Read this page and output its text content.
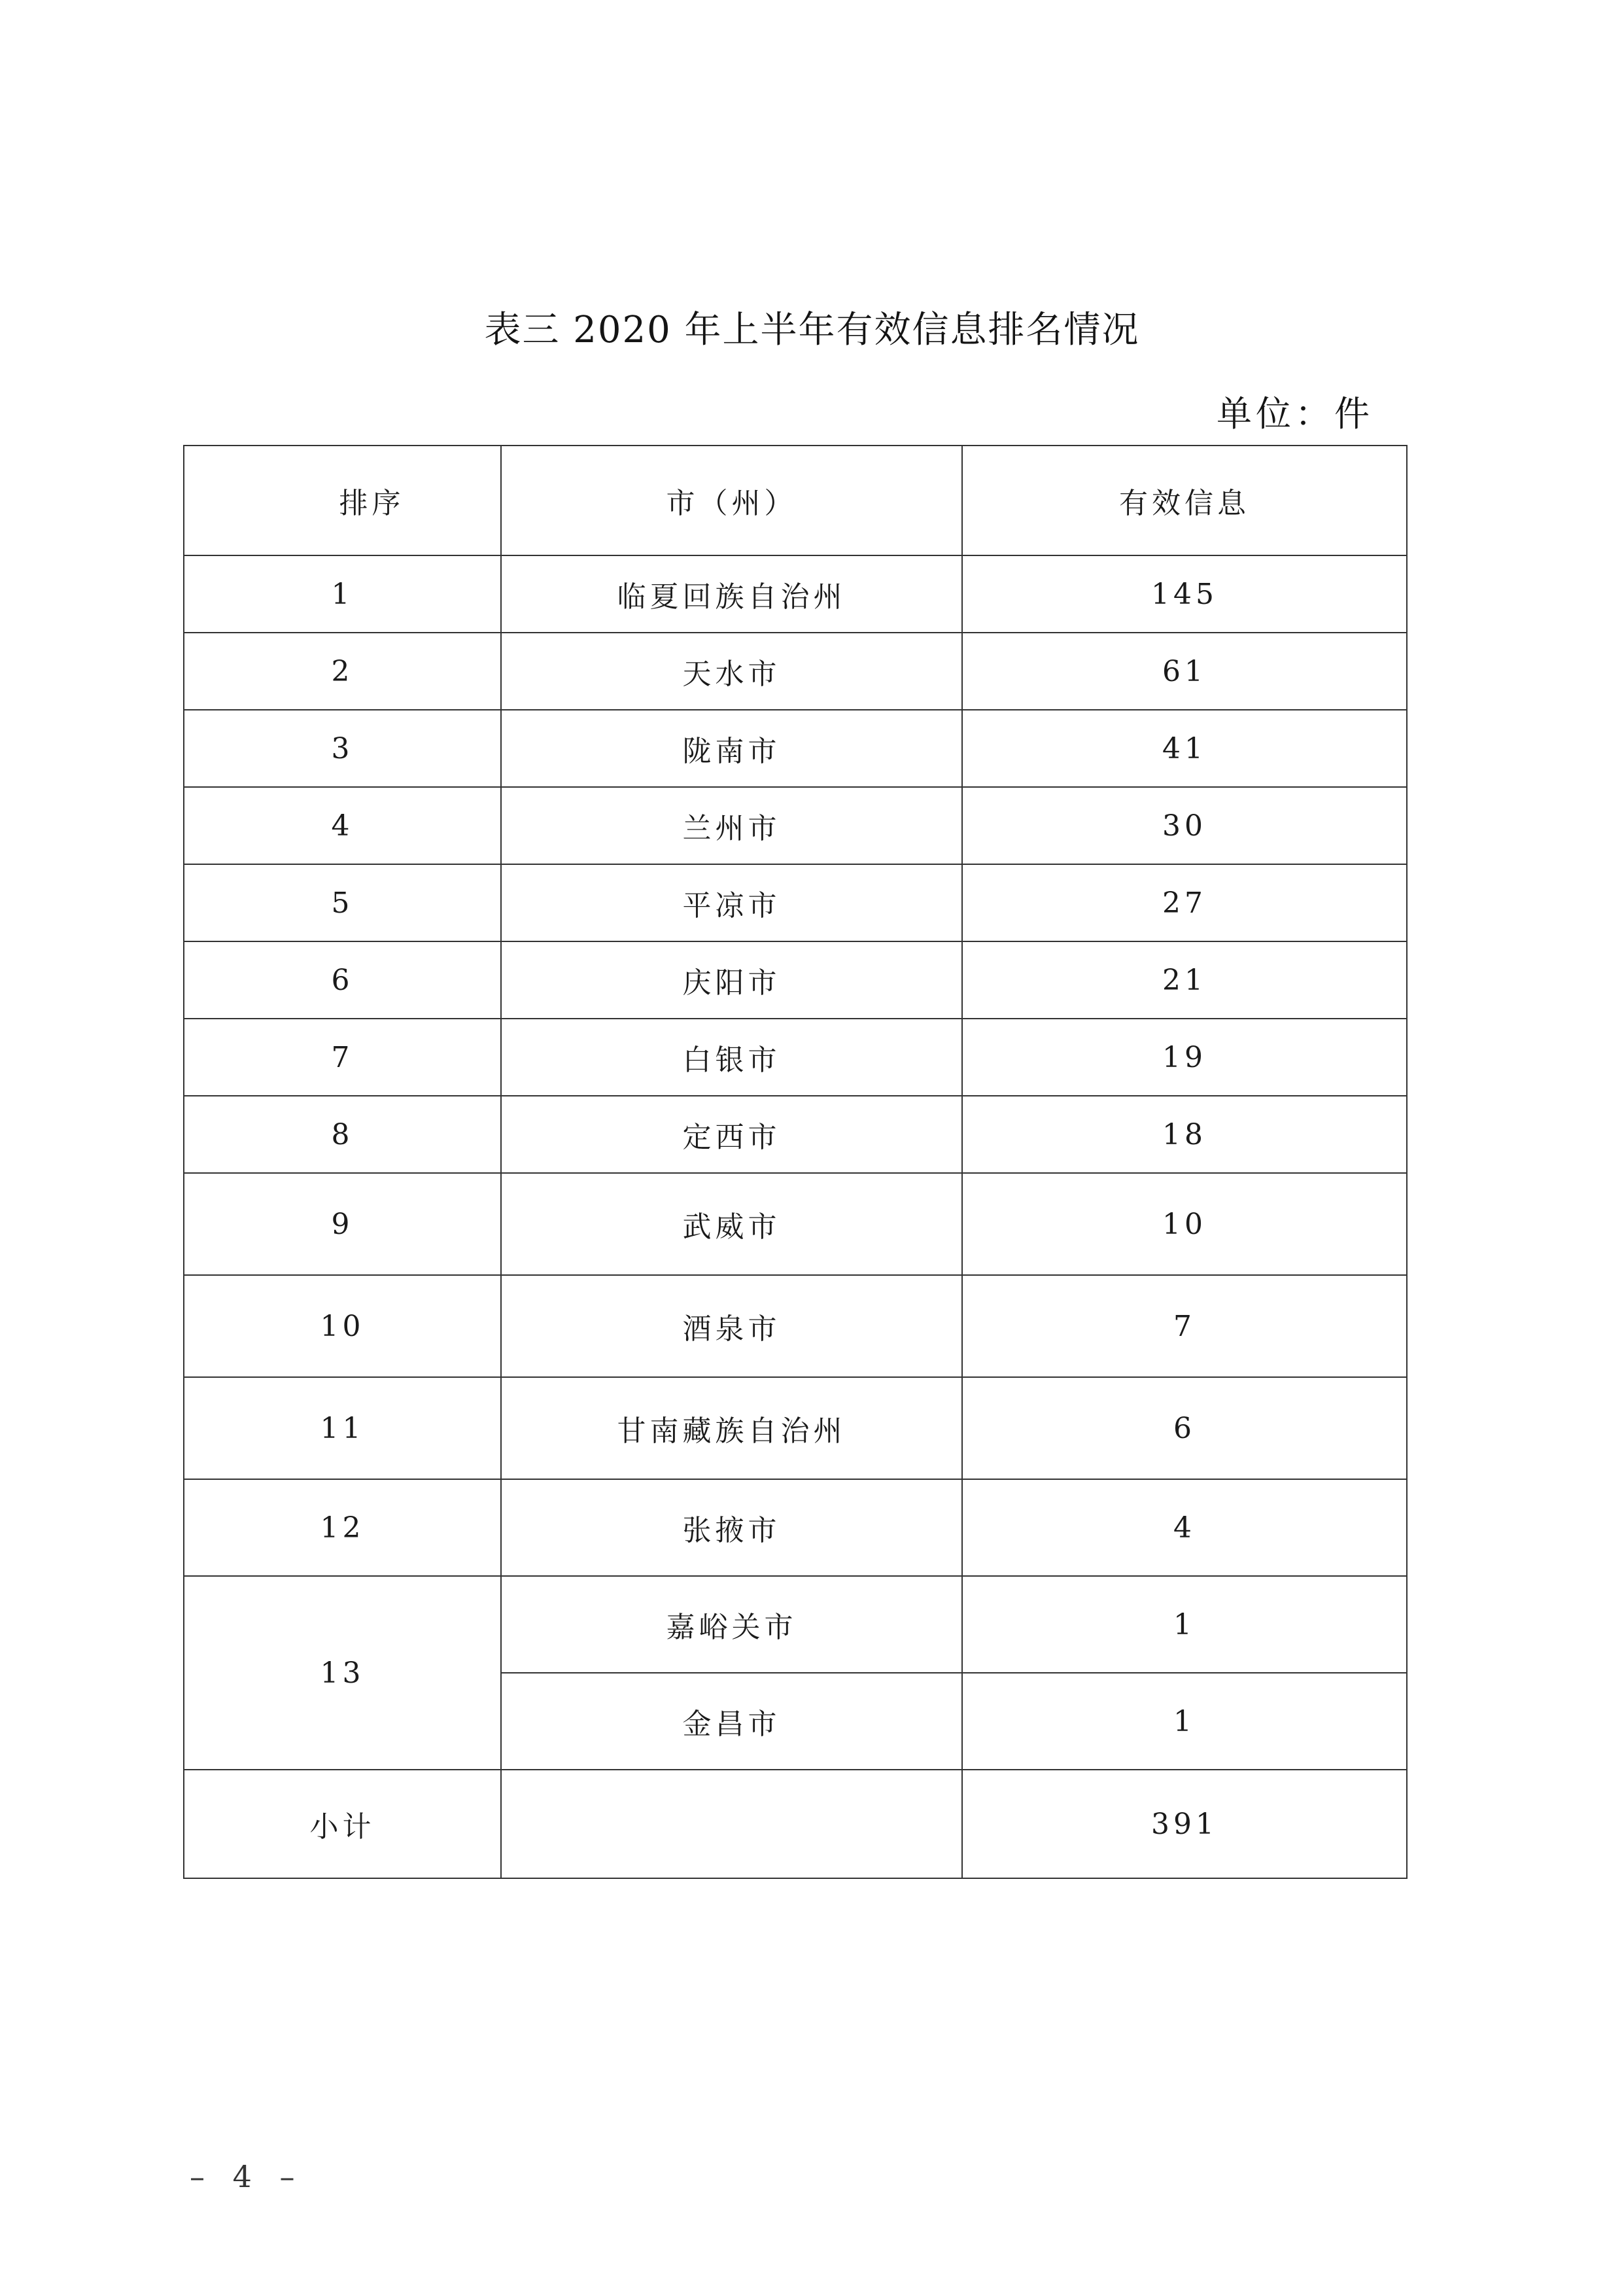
表三 2020 年上半年有效信息排名情况
单位：件
排序	市（州）	有效信息
1	临夏回族自治州	145
2	天水市	61
3	陇南市	41
4	兰州市	30
5	平凉市	27
6	庆阳市	21
7	白银市	19
8	定西市	18
9	武威市	10
10	酒泉市	7
11	甘南藏族自治州	6
12	张掖市	4
13	嘉峪关市	1
	金昌市	1
小计		391
– 4 –
